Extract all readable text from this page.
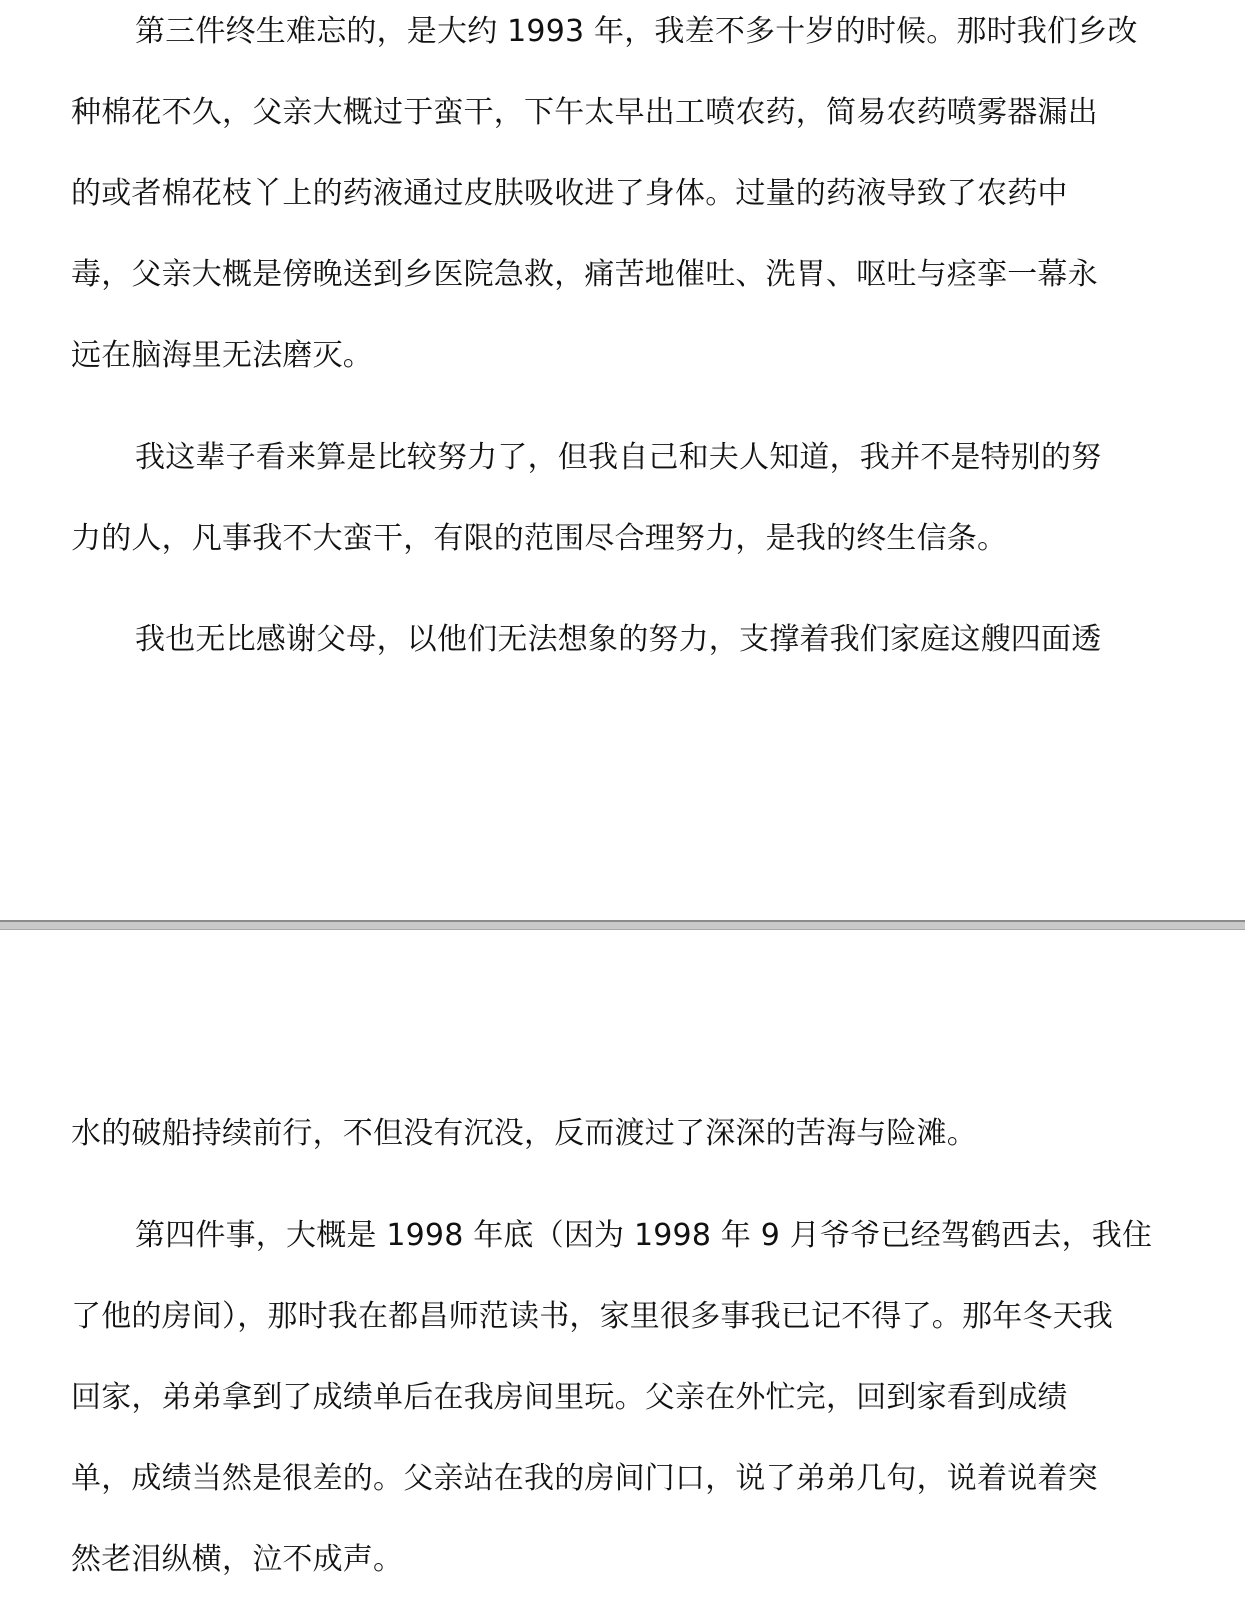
第三件终生难忘的，是大约 1993 年，我差不多十岁的时候。那时我们乡改
种棉花不久，父亲大概过于蛮干，下午太早出工喷农药，简易农药喷雾器漏出
的或者棉花枝丫上的药液通过皮肤吸收进了身体。过量的药液导致了农药中
毒，父亲大概是傍晚送到乡医院急救，痛苦地催吐、洗胃、呕吐与痉挛一幕永
远在脑海里无法磨灭。
我这辈子看来算是比较努力了，但我自己和夫人知道，我并不是特别的努
力的人，凡事我不大蛮干，有限的范围尽合理努力，是我的终生信条。
我也无比感谢父母，以他们无法想象的努力，支撑着我们家庭这艘四面透
水的破船持续前行，不但没有沉没，反而渡过了深深的苦海与险滩。
第四件事，大概是 1998 年底（因为 1998 年 9 月爷爷已经驾鹤西去，我住
了他的房间），那时我在都昌师范读书，家里很多事我已记不得了。那年冬天我
回家，弟弟拿到了成绩单后在我房间里玩。父亲在外忙完，回到家看到成绩
单，成绩当然是很差的。父亲站在我的房间门口，说了弟弟几句，说着说着突
然老泪纵横，泣不成声。
